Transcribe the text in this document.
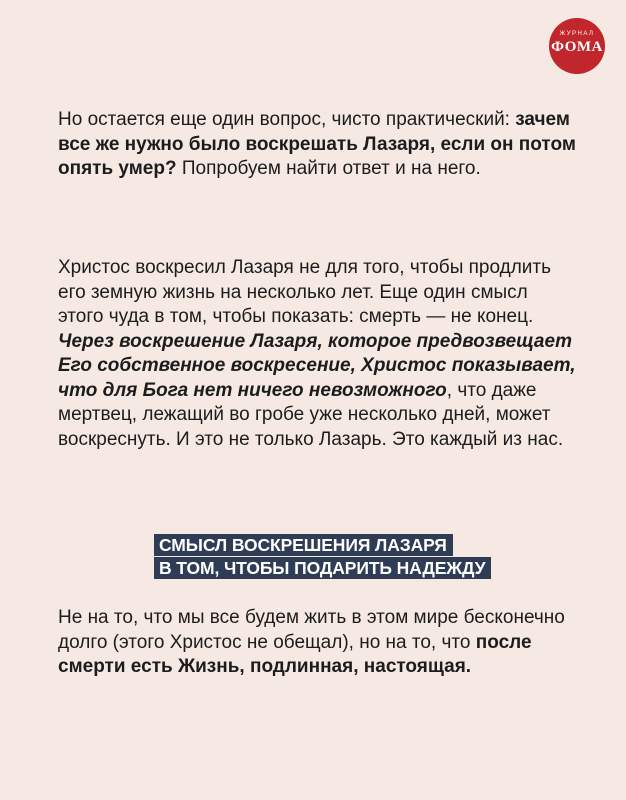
ЖУРНАЛ
ФОМА

Но остается еще один вопрос, чисто практический: зачем все же нужно было воскрешать Лазаря, если он потом опять умер? Попробуем найти ответ и на него.

Христос воскресил Лазаря не для того, чтобы продлить его земную жизнь на несколько лет. Еще один смысл этого чуда в том, чтобы показать: смерть — не конец. Через воскрешение Лазаря, которое предвозвещает Его собственное воскресение, Христос показывает, что для Бога нет ничего невозможного, что даже мертвец, лежащий во гробе уже несколько дней, может воскреснуть. И это не только Лазарь. Это каждый из нас.

СМЫСЛ ВОСКРЕШЕНИЯ ЛАЗАРЯ
В ТОМ, ЧТОБЫ ПОДАРИТЬ НАДЕЖДУ

Не на то, что мы все будем жить в этом мире бесконечно долго (этого Христос не обещал), но на то, что после смерти есть Жизнь, подлинная, настоящая.
